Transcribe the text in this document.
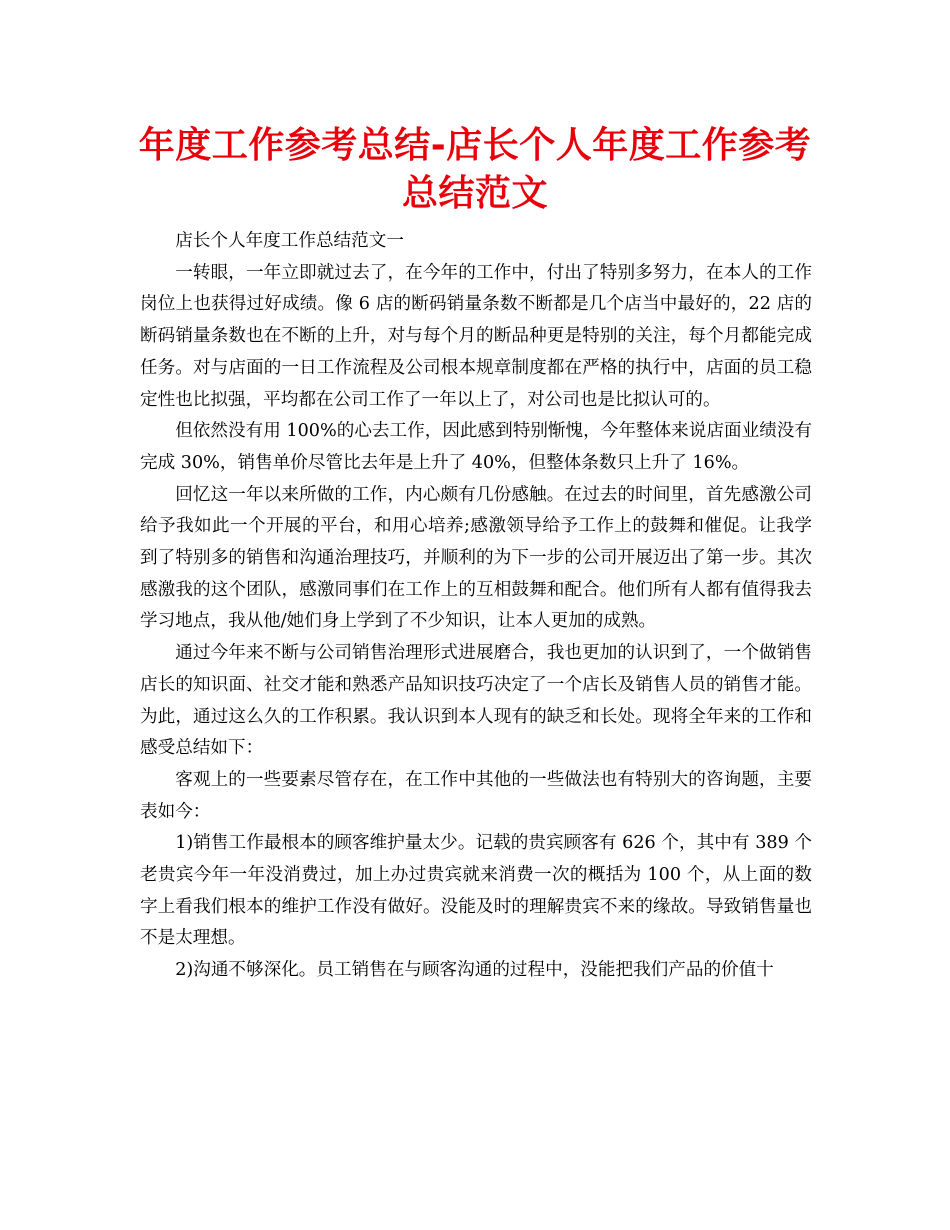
年度工作参考总结-店长个人年度工作参考总结范文

店长个人年度工作总结范文一

一转眼，一年立即就过去了，在今年的工作中，付出了特别多努力，在本人的工作岗位上也获得过好成绩。像 6 店的断码销量条数不断都是几个店当中最好的，22 店的断码销量条数也在不断的上升，对与每个月的断品种更是特别的关注，每个月都能完成任务。对与店面的一日工作流程及公司根本规章制度都在严格的执行中，店面的员工稳定性也比拟强，平均都在公司工作了一年以上了，对公司也是比拟认可的。

但依然没有用 100%的心去工作，因此感到特别惭愧，今年整体来说店面业绩没有完成 30%，销售单价尽管比去年是上升了 40%，但整体条数只上升了 16%。

回忆这一年以来所做的工作，内心颇有几份感触。在过去的时间里，首先感激公司给予我如此一个开展的平台，和用心培养;感激领导给予工作上的鼓舞和催促。让我学到了特别多的销售和沟通治理技巧，并顺利的为下一步的公司开展迈出了第一步。其次感激我的这个团队，感激同事们在工作上的互相鼓舞和配合。他们所有人都有值得我去学习地点，我从他/她们身上学到了不少知识，让本人更加的成熟。

通过今年来不断与公司销售治理形式进展磨合，我也更加的认识到了，一个做销售店长的知识面、社交才能和熟悉产品知识技巧决定了一个店长及销售人员的销售才能。为此，通过这么久的工作积累。我认识到本人现有的缺乏和长处。现将全年来的工作和感受总结如下：

客观上的一些要素尽管存在，在工作中其他的一些做法也有特别大的咨询题，主要表如今：

1)销售工作最根本的顾客维护量太少。记载的贵宾顾客有 626 个，其中有 389 个老贵宾今年一年没消费过，加上办过贵宾就来消费一次的概括为 100 个，从上面的数字上看我们根本的维护工作没有做好。没能及时的理解贵宾不来的缘故。导致销售量也不是太理想。

2)沟通不够深化。员工销售在与顾客沟通的过程中，没能把我们产品的价值十
